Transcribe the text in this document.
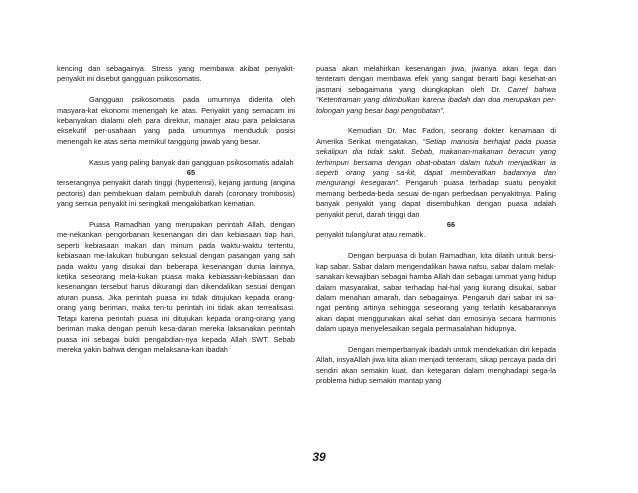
kencing dan sebagainya. Stress yang membawa akibat penyakit-penyakit ini disebut gangguan psikosomatis.

Gangguan psikosomatis pada umumnya diderita oleh masyara-kat ekonomi menengah ke atas. Penyakit yang semacam ini kebanyakan dialami oleh para direktur, manajer atau para pelaksana eksekutif per-usahaan yang pada umumnya menduduk posisi menengah ke atas serta memikul tanggung jawab yang besar.

Kasus yang paling banyak dari gangguan psikosomatis adalah

65

terserangnya penyakit darah tinggi (hypertensi), kejang jantung (angina pectoris) dan pembekuan dalam pembuluh darah (coronary trombosis) yang semua penyakit ini seringkali mengakibatkan kematian.

Puasa Ramadhan yang merupakan perintah Allah, dengan me-nekankan pengorbanan kesenangan diri dan kebiasaan tiap hari, seperti kebiasaan makan dan minum pada waktu-waktu tertentu, kebiasaan me-lakukan hubungan seksual dengan pasangan yang sah pada waktu yang disukai dan beberapa kesenangan dunia lainnya, ketika seseorang mela-kukan puasa maka kebiasaan-kebiasaan dan kesenangan tersebut harus dikurangi dan dikendalikan sesuai dengan aturan puasa. Jika perintah puasa ini tidak ditujukan kepada orang-orang yang beriman, maka ten-tu perintah ini tidak akan terrealisasi. Tetapi karena perintah puasa ini ditujukan kepada orang-orang yang beriman maka dengan penuh kesa-daran mereka laksanakan perintah puasa ini sebagai bukti pengabdian-nya kepada Allah SWT. Sebab mereka yakin bahwa dengan melaksana-kan ibadah

puasa akan melahirkan kesenangan jiwa, jiwanya akan lega dan tenteram dengan membawa efek yang sangat berarti bagi kesehat-an jasmani sebagaimana yang diungkapkan oleh Dr. Carrel bahwa “Ketentraman yang ditimbulkan karena ibadah dan doa merupakan per-tolongan yang besar bagi pengobatan”.

Kemudian Dr. Mac Fadon, seorang dokter kenamaan di Amerika Serikat mengatakan, “Setiap manusia berhajat pada puasa sekalipun dia tidak sakit. Sebab, makanan-makanan beracun yang terhimpun bersama dengan obat-obatan dalam tubuh menjadikan ia seperti orang yang sa-kit, dapat memberatkan badannya dan mengurangi kesegaran”. Pengaruh puasa terhadap suatu penyakit memang berbeda-beda sesuai de-ngan perbedaan penyakitnya. Paling banyak penyakit yang dapat disembuhkan dengan puasa adalah penyakit perut, darah tinggi dan

66

penyakit tulang/urat atau rematik.

Dengan berpuasa di bulan Ramadhan, kita dilatih untuk bersi-kap sabar. Sabar dalam mengendalikan hawa nafsu, sabar dalam melak-sanakan kewajiban sebagai hamba Allah dan sebagai ummat yang hidup dalam masyarakat, sabar terhadap hal-hal yang kurang disukai, sabar dalam menahan amarah, dan sebagainya. Pengaruh dari sabar ini sa-ngat penting artinya sehingga seseorang yang terlatih kesabarannya akan dapat menggunakan akal sehat dan emosinya secara harmonis dalam upaya menyelesaikan segala permasalahan hidupnya.

Dengan memperbanyak ibadah untuk mendekatkan diri kepada Allah, insyaAllah jiwa kita akan menjadi tenteram, sikap percaya pada diri sendiri akan semakin kuat, dan ketegaran dalam menghadapi sega-la problema hidup semakin mantap yang

39
